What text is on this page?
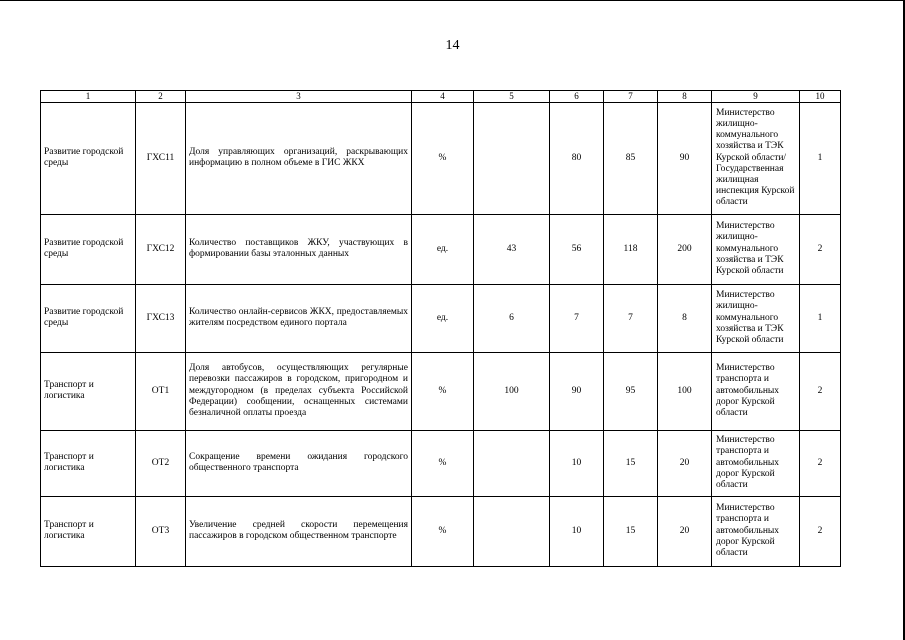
14
1	2	3	4	5	6	7	8	9	10
Развитие городской среды	ГХС11	Доля управляющих организаций, раскрывающих информацию в полном объеме в ГИС ЖКХ	%		80	85	90	Министерство жилищно-коммунального хозяйства и ТЭК Курской области/ Государственная жилищная инспекция Курской области	1
Развитие городской среды	ГХС12	Количество поставщиков ЖКУ, участвующих в формировании базы эталонных данных	ед.	43	56	118	200	Министерство жилищно-коммунального хозяйства и ТЭК Курской области	2
Развитие городской среды	ГХС13	Количество онлайн-сервисов ЖКХ, предоставляемых жителям посредством единого портала	ед.	6	7	7	8	Министерство жилищно-коммунального хозяйства и ТЭК Курской области	1
Транспорт и логистика	ОТ1	Доля автобусов, осуществляющих регулярные перевозки пассажиров в городском, пригородном и междугородном (в пределах субъекта Российской Федерации) сообщении, оснащенных системами безналичной оплаты проезда	%	100	90	95	100	Министерство транспорта и автомобильных дорог Курской области	2
Транспорт и логистика	ОТ2	Сокращение времени ожидания городского общественного транспорта	%		10	15	20	Министерство транспорта и автомобильных дорог Курской области	2
Транспорт и логистика	ОТ3	Увеличение средней скорости перемещения пассажиров в городском общественном транспорте	%		10	15	20	Министерство транспорта и автомобильных дорог Курской области	2
